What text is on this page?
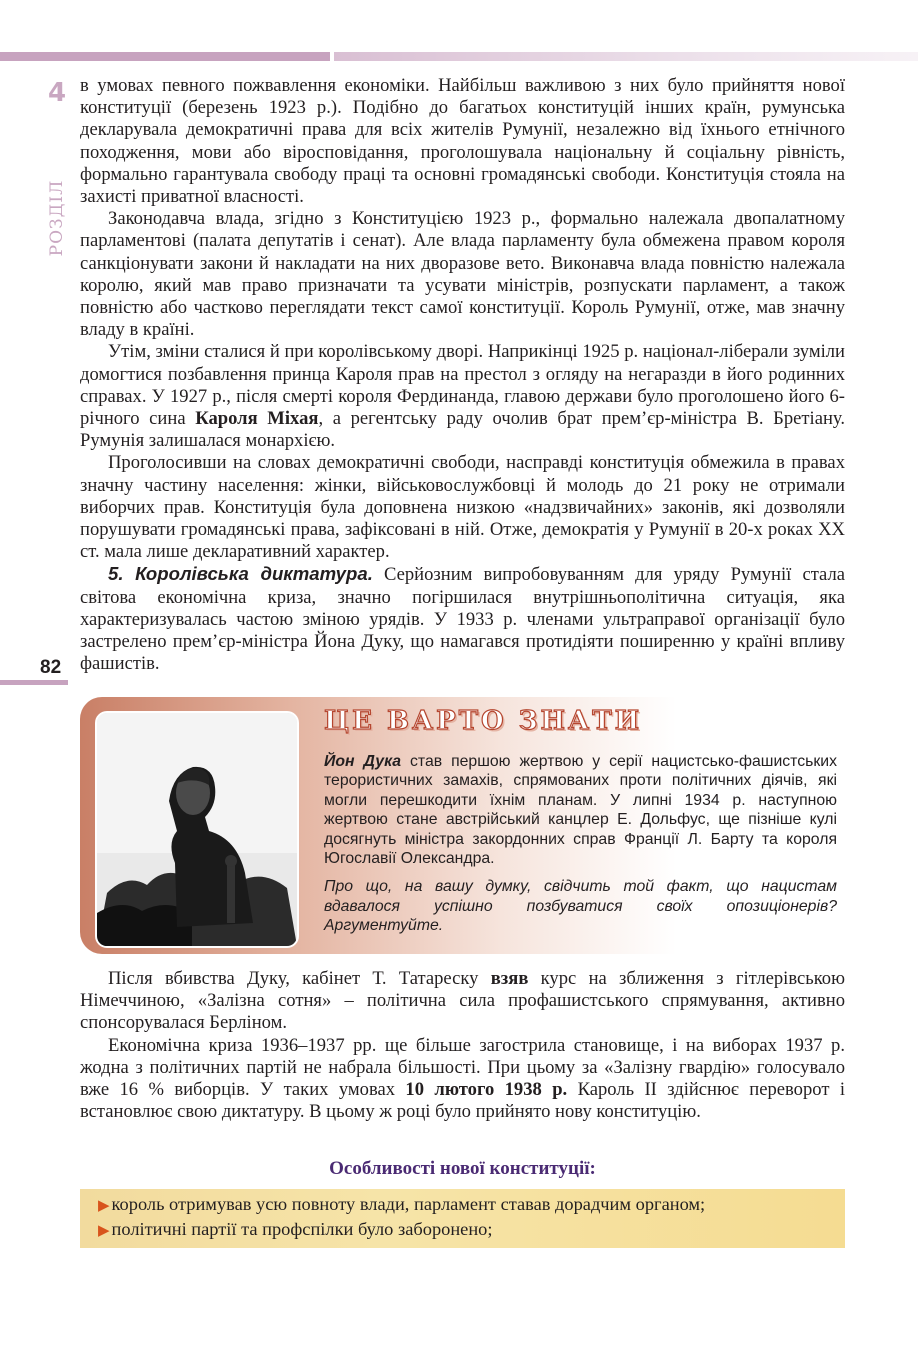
4
РОЗДІЛ
82

в умовах певного пожвавлення економіки. Найбільш важливою з них було прийняття нової конституції (березень 1923 р.). Подібно до багатьох конституцій інших країн, румунська декларувала демократичні права для всіх жителів Румунії, незалежно від їхнього етнічного походження, мови або віросповідання, проголошувала національну й соціальну рівність, формально гарантувала свободу праці та основні громадянські свободи. Конституція стояла на захисті приватної власності.

Законодавча влада, згідно з Конституцією 1923 р., формально належала двопалатному парламентові (палата депутатів і сенат). Але влада парламенту була обмежена правом короля санкціонувати закони й накладати на них дворазове вето. Виконавча влада повністю належала королю, який мав право призначати та усувати міністрів, розпускати парламент, а також повністю або частково переглядати текст самої конституції. Король Румунії, отже, мав значну владу в країні.

Утім, зміни сталися й при королівському дворі. Наприкінці 1925 р. націонал-ліберали зуміли домогтися позбавлення принца Кароля прав на престол з огляду на негаразди в його родинних справах. У 1927 р., після смерті короля Фердинанда, главою держави було проголошено його 6-річного сина Кароля Міхая, а регентську раду очолив брат прем’єр-міністра В. Бретіану. Румунія залишалася монархією.

Проголосивши на словах демократичні свободи, насправді конституція обмежила в правах значну частину населення: жінки, військовослужбовці й молодь до 21 року не отримали виборчих прав. Конституція була доповнена низкою «надзвичайних» законів, які дозволяли порушувати громадянські права, зафіксовані в ній. Отже, демократія у Румунії в 20-х роках XX ст. мала лише декларативний характер.

5. Королівська диктатура. Серйозним випробовуванням для уряду Румунії стала світова економічна криза, значно погіршилася внутрішньополітична ситуація, яка характеризувалась частою зміною урядів. У 1933 р. членами ультраправої організації було застрелено прем’єр-міністра Йона Дуку, що намагався протидіяти поширенню у країні впливу фашистів.

ЦЕ ВАРТО ЗНАТИ

Йон Дука став першою жертвою у серії нацистсько-фашистських терористичних замахів, спрямованих проти політичних діячів, які могли перешкодити їхнім планам. У липні 1934 р. наступною жертвою стане австрійський канцлер Е. Дольфус, ще пізніше кулі досягнуть міністра закордонних справ Франції Л. Барту та короля Югославії Олександра.

Про що, на вашу думку, свідчить той факт, що нацистам вдавалося успішно позбуватися своїх опозиціонерів? Аргументуйте.

Після вбивства Дуку, кабінет Т. Татареску взяв курс на зближення з гітлерівською Німеччиною, «Залізна сотня» – політична сила профашистського спрямування, активно спонсорувалася Берліном.

Економічна криза 1936–1937 рр. ще більше загострила становище, і на виборах 1937 р. жодна з політичних партій не набрала більшості. При цьому за «Залізну гвардію» голосувало вже 16 % виборців. У таких умовах 10 лютого 1938 р. Кароль II здійснює переворот і встановлює свою диктатуру. В цьому ж році було прийнято нову конституцію.

Особливості нової конституції:
▶ король отримував усю повноту влади, парламент ставав дорадчим органом;
▶ політичні партії та профспілки було заборонено;
